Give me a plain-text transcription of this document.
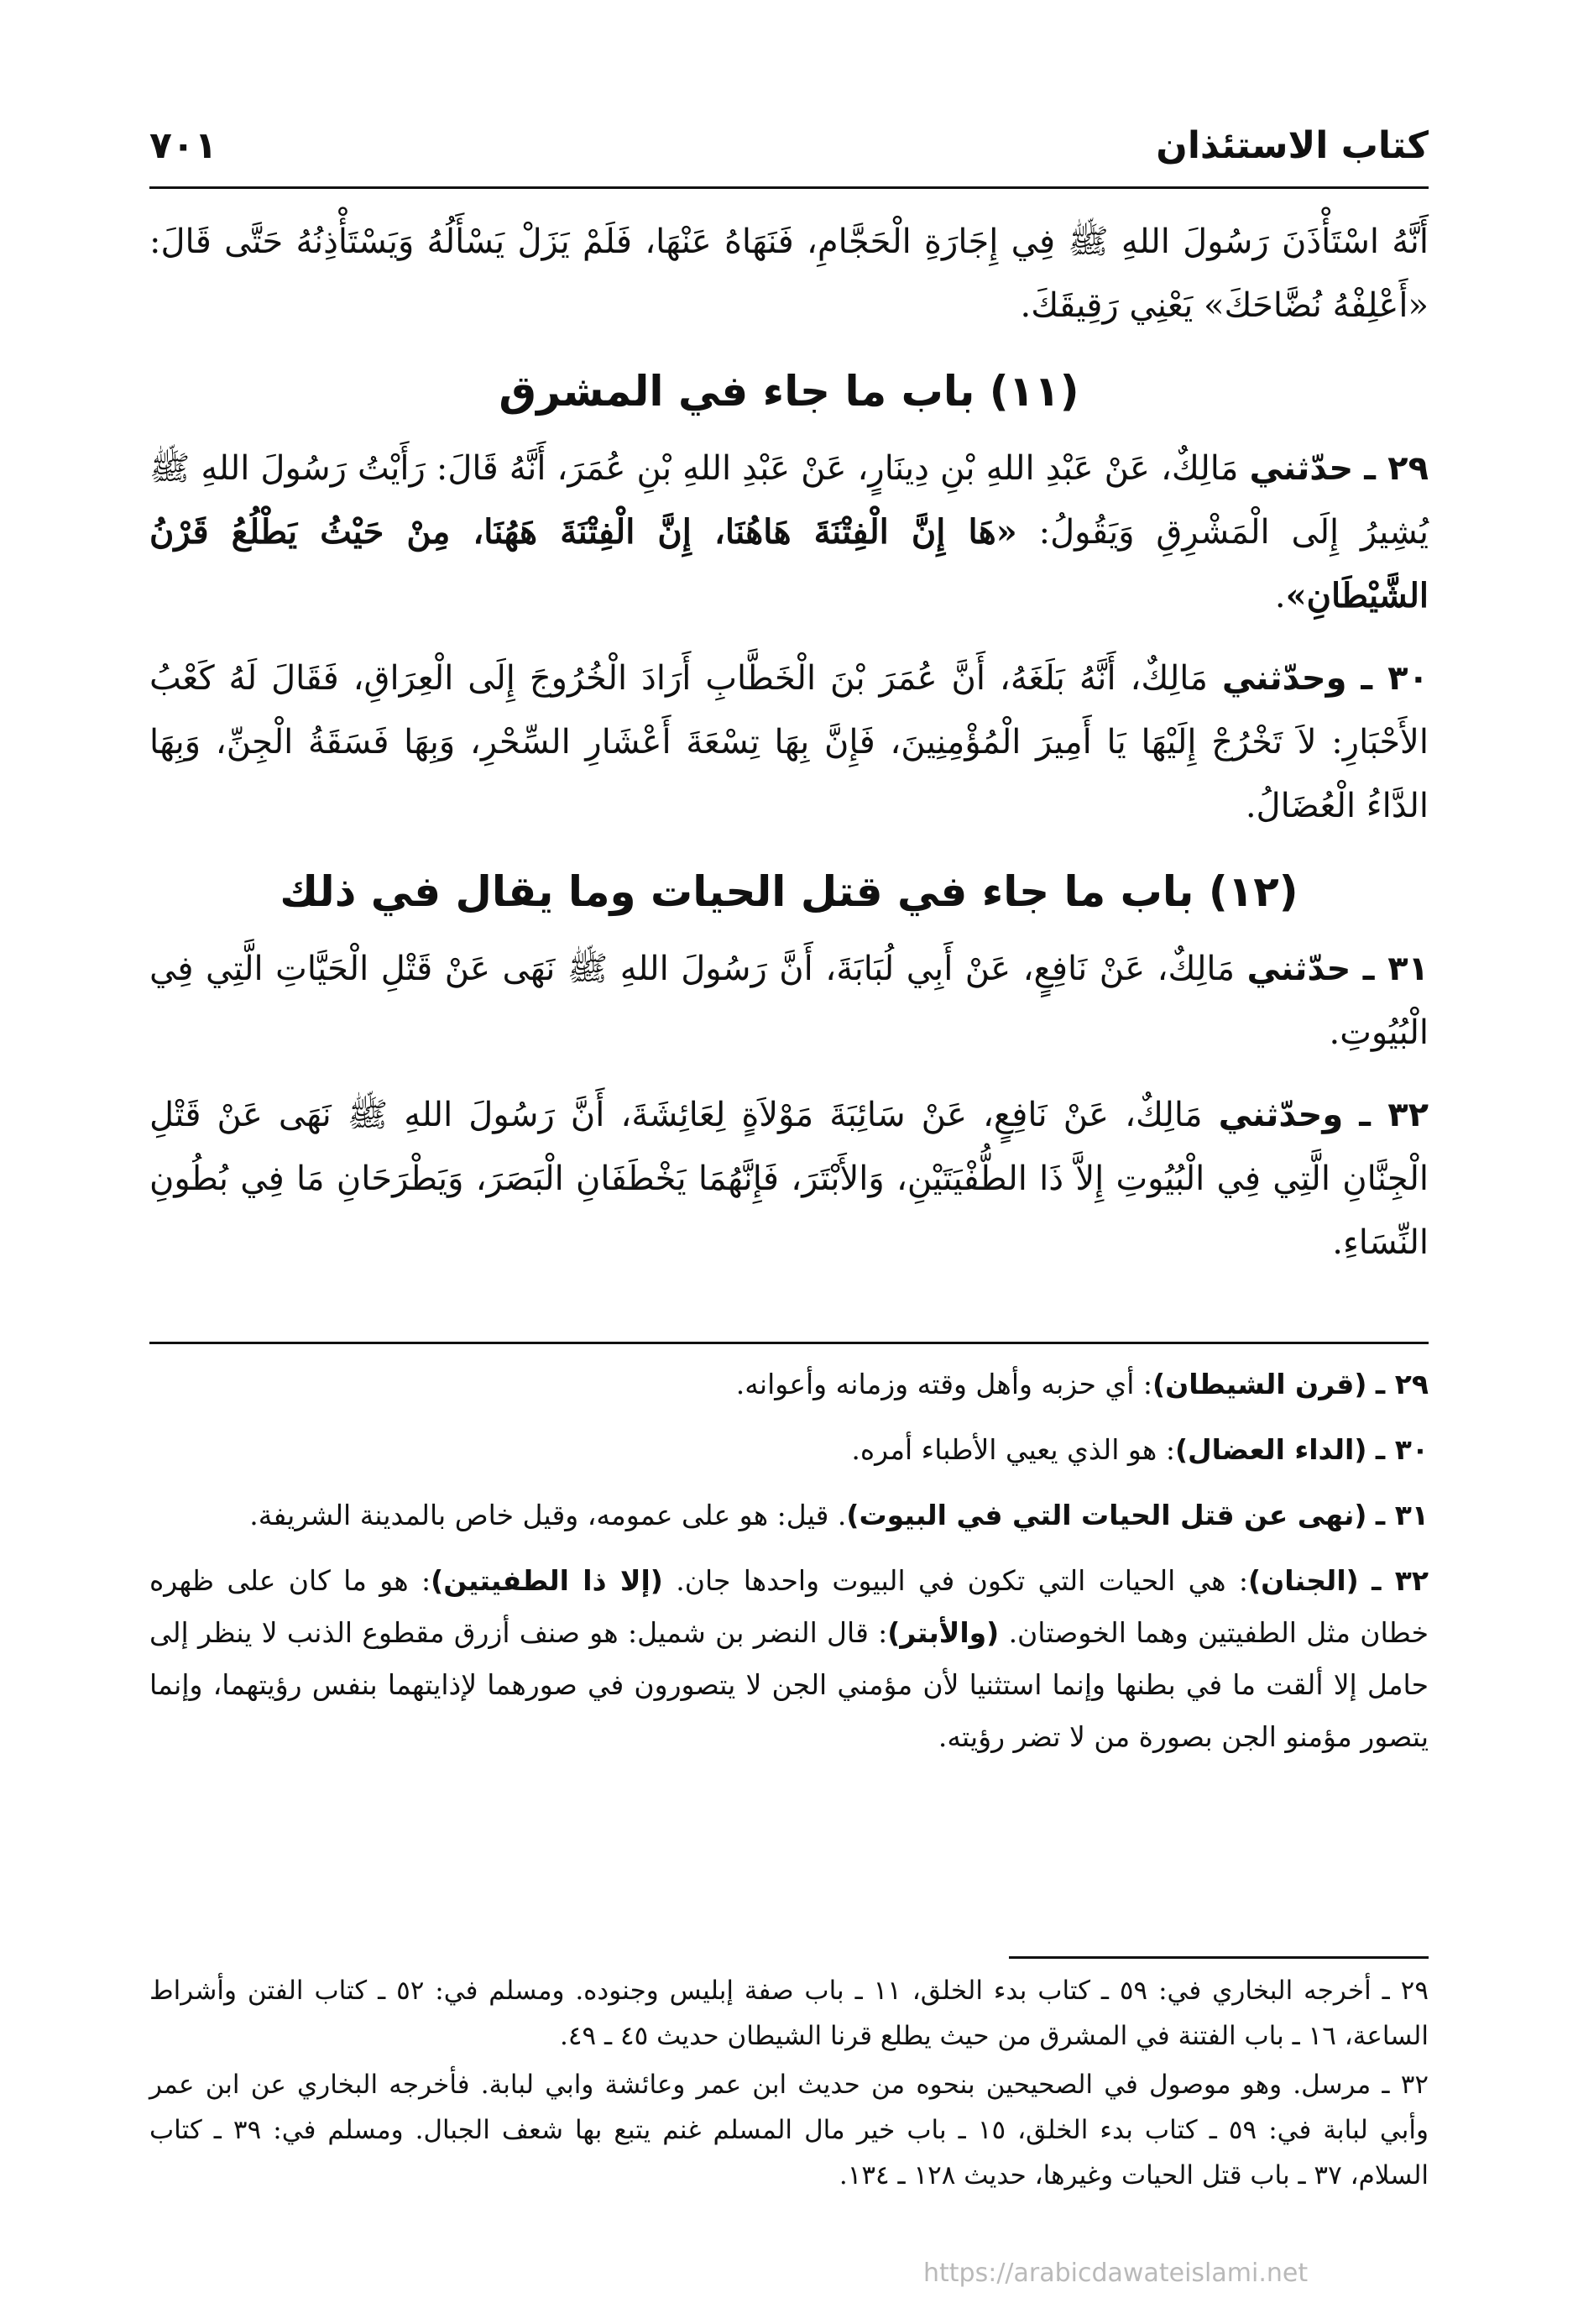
كتاب الاستئذان
٧٠١

أَنَّهُ اسْتَأْذَنَ رَسُولَ اللهِ ﷺ فِي إِجَارَةِ الْحَجَّامِ، فَنَهَاهُ عَنْهَا، فَلَمْ يَزَلْ يَسْأَلُهُ وَيَسْتَأْذِنُهُ حَتَّى قَالَ: «أَعْلِفْهُ نُضَّاحَكَ» يَعْنِي رَقِيقَكَ.

(١١) باب ما جاء في المشرق

٢٩ ـ حدّثني مَالِكٌ، عَنْ عَبْدِ اللهِ بْنِ دِينَارٍ، عَنْ عَبْدِ اللهِ بْنِ عُمَرَ، أَنَّهُ قَالَ: رَأَيْتُ رَسُولَ اللهِ ﷺ يُشِيرُ إِلَى الْمَشْرِقِ وَيَقُولُ: «هَا إِنَّ الْفِتْنَةَ هَاهُنَا، إِنَّ الْفِتْنَةَ هَهُنَا، مِنْ حَيْثُ يَطْلُعُ قَرْنُ الشَّيْطَانِ».

٣٠ ـ وحدّثني مَالِكٌ، أَنَّهُ بَلَغَهُ، أَنَّ عُمَرَ بْنَ الْخَطَّابِ أَرَادَ الْخُرُوجَ إِلَى الْعِرَاقِ، فَقَالَ لَهُ كَعْبُ الأَحْبَارِ: لاَ تَخْرُجْ إِلَيْهَا يَا أَمِيرَ الْمُؤْمِنِينَ، فَإِنَّ بِهَا تِسْعَةَ أَعْشَارِ السِّحْرِ، وَبِهَا فَسَقَةُ الْجِنِّ، وَبِهَا الدَّاءُ الْعُضَالُ.

(١٢) باب ما جاء في قتل الحيات وما يقال في ذلك

٣١ ـ حدّثني مَالِكٌ، عَنْ نَافِعٍ، عَنْ أَبِي لُبَابَةَ، أَنَّ رَسُولَ اللهِ ﷺ نَهَى عَنْ قَتْلِ الْحَيَّاتِ الَّتِي فِي الْبُيُوتِ.

٣٢ ـ وحدّثني مَالِكٌ، عَنْ نَافِعٍ، عَنْ سَائِبَةَ مَوْلاَةٍ لِعَائِشَةَ، أَنَّ رَسُولَ اللهِ ﷺ نَهَى عَنْ قَتْلِ الْجِنَّانِ الَّتِي فِي الْبُيُوتِ إِلاَّ ذَا الطُّفْيَتَيْنِ، وَالأَبْتَرَ، فَإِنَّهُمَا يَخْطَفَانِ الْبَصَرَ، وَيَطْرَحَانِ مَا فِي بُطُونِ النِّسَاءِ.

٢٩ ـ (قرن الشيطان): أي حزبه وأهل وقته وزمانه وأعوانه.

٣٠ ـ (الداء العضال): هو الذي يعيي الأطباء أمره.

٣١ ـ (نهى عن قتل الحيات التي في البيوت). قيل: هو على عمومه، وقيل خاص بالمدينة الشريفة.

٣٢ ـ (الجنان): هي الحيات التي تكون في البيوت واحدها جان. (إلا ذا الطفيتين): هو ما كان على ظهره خطان مثل الطفيتين وهما الخوصتان. (والأبتر): قال النضر بن شميل: هو صنف أزرق مقطوع الذنب لا ينظر إلى حامل إلا ألقت ما في بطنها وإنما استثنيا لأن مؤمني الجن لا يتصورون في صورهما لإذايتهما بنفس رؤيتهما، وإنما يتصور مؤمنو الجن بصورة من لا تضر رؤيته.

٢٩ ـ أخرجه البخاري في: ٥٩ ـ كتاب بدء الخلق، ١١ ـ باب صفة إبليس وجنوده. ومسلم في: ٥٢ ـ كتاب الفتن وأشراط الساعة، ١٦ ـ باب الفتنة في المشرق من حيث يطلع قرنا الشيطان حديث ٤٥ ـ ٤٩.

٣٢ ـ مرسل. وهو موصول في الصحيحين بنحوه من حديث ابن عمر وعائشة وابي لبابة. فأخرجه البخاري عن ابن عمر وأبي لبابة في: ٥٩ ـ كتاب بدء الخلق، ١٥ ـ باب خير مال المسلم غنم يتبع بها شعف الجبال. ومسلم في: ٣٩ ـ كتاب السلام، ٣٧ ـ باب قتل الحيات وغيرها، حديث ١٢٨ ـ ١٣٤.

https://arabicdawateislami.net
